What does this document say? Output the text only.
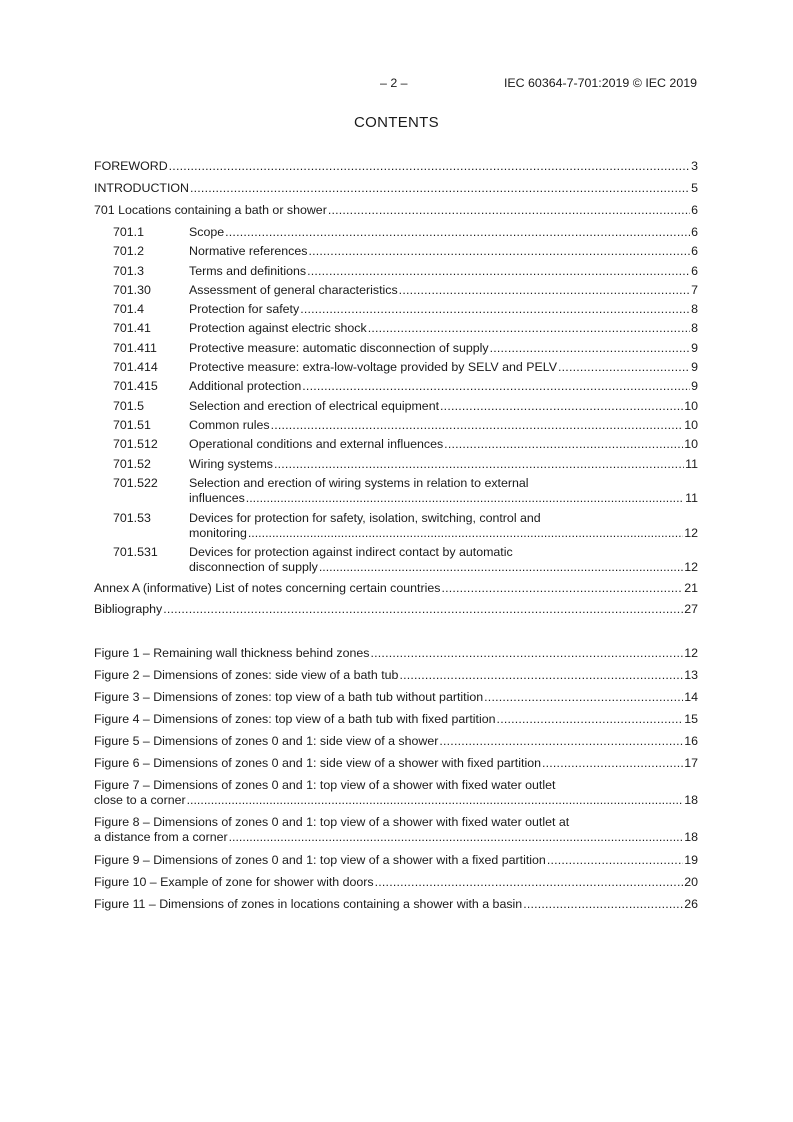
– 2 –	IEC 60364-7-701:2019 © IEC 2019
CONTENTS
FOREWORD .....	3
INTRODUCTION .....	5
701 Locations containing a bath or shower .....	6
701.1	Scope .....	6
701.2	Normative references .....	6
701.3	Terms and definitions .....	6
701.30	Assessment of general characteristics .....	7
701.4	Protection for safety .....	8
701.41	Protection against electric shock .....	8
701.411	Protective measure: automatic disconnection of supply .....	9
701.414	Protective measure: extra-low-voltage provided by SELV and PELV .....	9
701.415	Additional protection .....	9
701.5	Selection and erection of electrical equipment .....	10
701.51	Common rules .....	10
701.512	Operational conditions and external influences .....	10
701.52	Wiring systems .....	11
701.522	Selection and erection of wiring systems in relation to external
influences .....	11
701.53	Devices for protection for safety, isolation, switching, control and
monitoring .....	12
701.531	Devices for protection against indirect contact by automatic
disconnection of supply .....	12
Annex A (informative) List of notes concerning certain countries .....	21
Bibliography .....	27
Figure 1 – Remaining wall thickness behind zones .....	12
Figure 2 – Dimensions of zones: side view of a bath tub .....	13
Figure 3 – Dimensions of zones: top view of a bath tub without partition .....	14
Figure 4 – Dimensions of zones: top view of a bath tub with fixed partition .....	15
Figure 5 – Dimensions of zones 0 and 1: side view of a shower .....	16
Figure 6 – Dimensions of zones 0 and 1: side view of a shower with fixed partition .....	17
Figure 7 – Dimensions of zones 0 and 1: top view of a shower with fixed water outlet
close to a corner .....	18
Figure 8 – Dimensions of zones 0 and 1: top view of a shower with fixed water outlet at
a distance from a corner .....	18
Figure 9 – Dimensions of zones 0 and 1: top view of a shower with a fixed partition .....	19
Figure 10 – Example of zone for shower with doors .....	20
Figure 11 – Dimensions of zones in locations containing a shower with a basin .....	26
